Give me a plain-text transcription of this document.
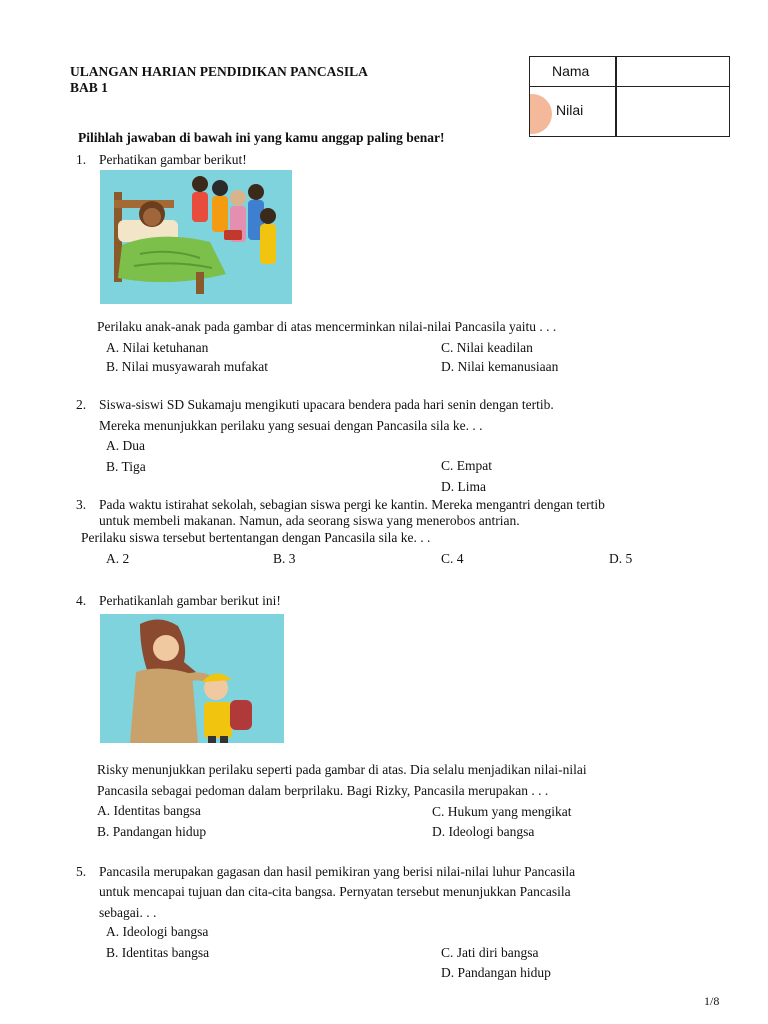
ULANGAN HARIAN PENDIDIKAN PANCASILA
BAB 1
Nama
Nilai
Pilihlah jawaban di bawah ini yang kamu anggap paling benar!
1. Perhatikan gambar berikut!
Perilaku anak-anak pada gambar di atas mencerminkan nilai-nilai Pancasila yaitu . . .
A. Nilai ketuhanan	C. Nilai keadilan
B. Nilai musyawarah mufakat	D. Nilai kemanusiaan
2. Siswa-siswi SD Sukamaju mengikuti upacara bendera pada hari senin dengan tertib.
Mereka menunjukkan perilaku yang sesuai dengan Pancasila sila ke. . .
A. Dua
B. Tiga	C. Empat
D. Lima
3. Pada waktu istirahat sekolah, sebagian siswa pergi ke kantin. Mereka mengantri dengan tertib
untuk membeli makanan. Namun, ada seorang siswa yang menerobos antrian.
Perilaku siswa tersebut bertentangan dengan Pancasila sila ke. . .
A. 2	B. 3	C. 4	D. 5
4. Perhatikanlah gambar berikut ini!
Risky menunjukkan perilaku seperti pada gambar di atas. Dia selalu menjadikan nilai-nilai
Pancasila sebagai pedoman dalam berprilaku. Bagi Rizky, Pancasila merupakan . . .
A. Identitas bangsa	C. Hukum yang mengikat
B. Pandangan hidup	D. Ideologi bangsa
5. Pancasila merupakan gagasan dan hasil pemikiran yang berisi nilai-nilai luhur Pancasila
untuk mencapai tujuan dan cita-cita bangsa. Pernyatan tersebut menunjukkan Pancasila
sebagai. . .
A. Ideologi bangsa
B. Identitas bangsa	C. Jati diri bangsa
D. Pandangan hidup
1/8
